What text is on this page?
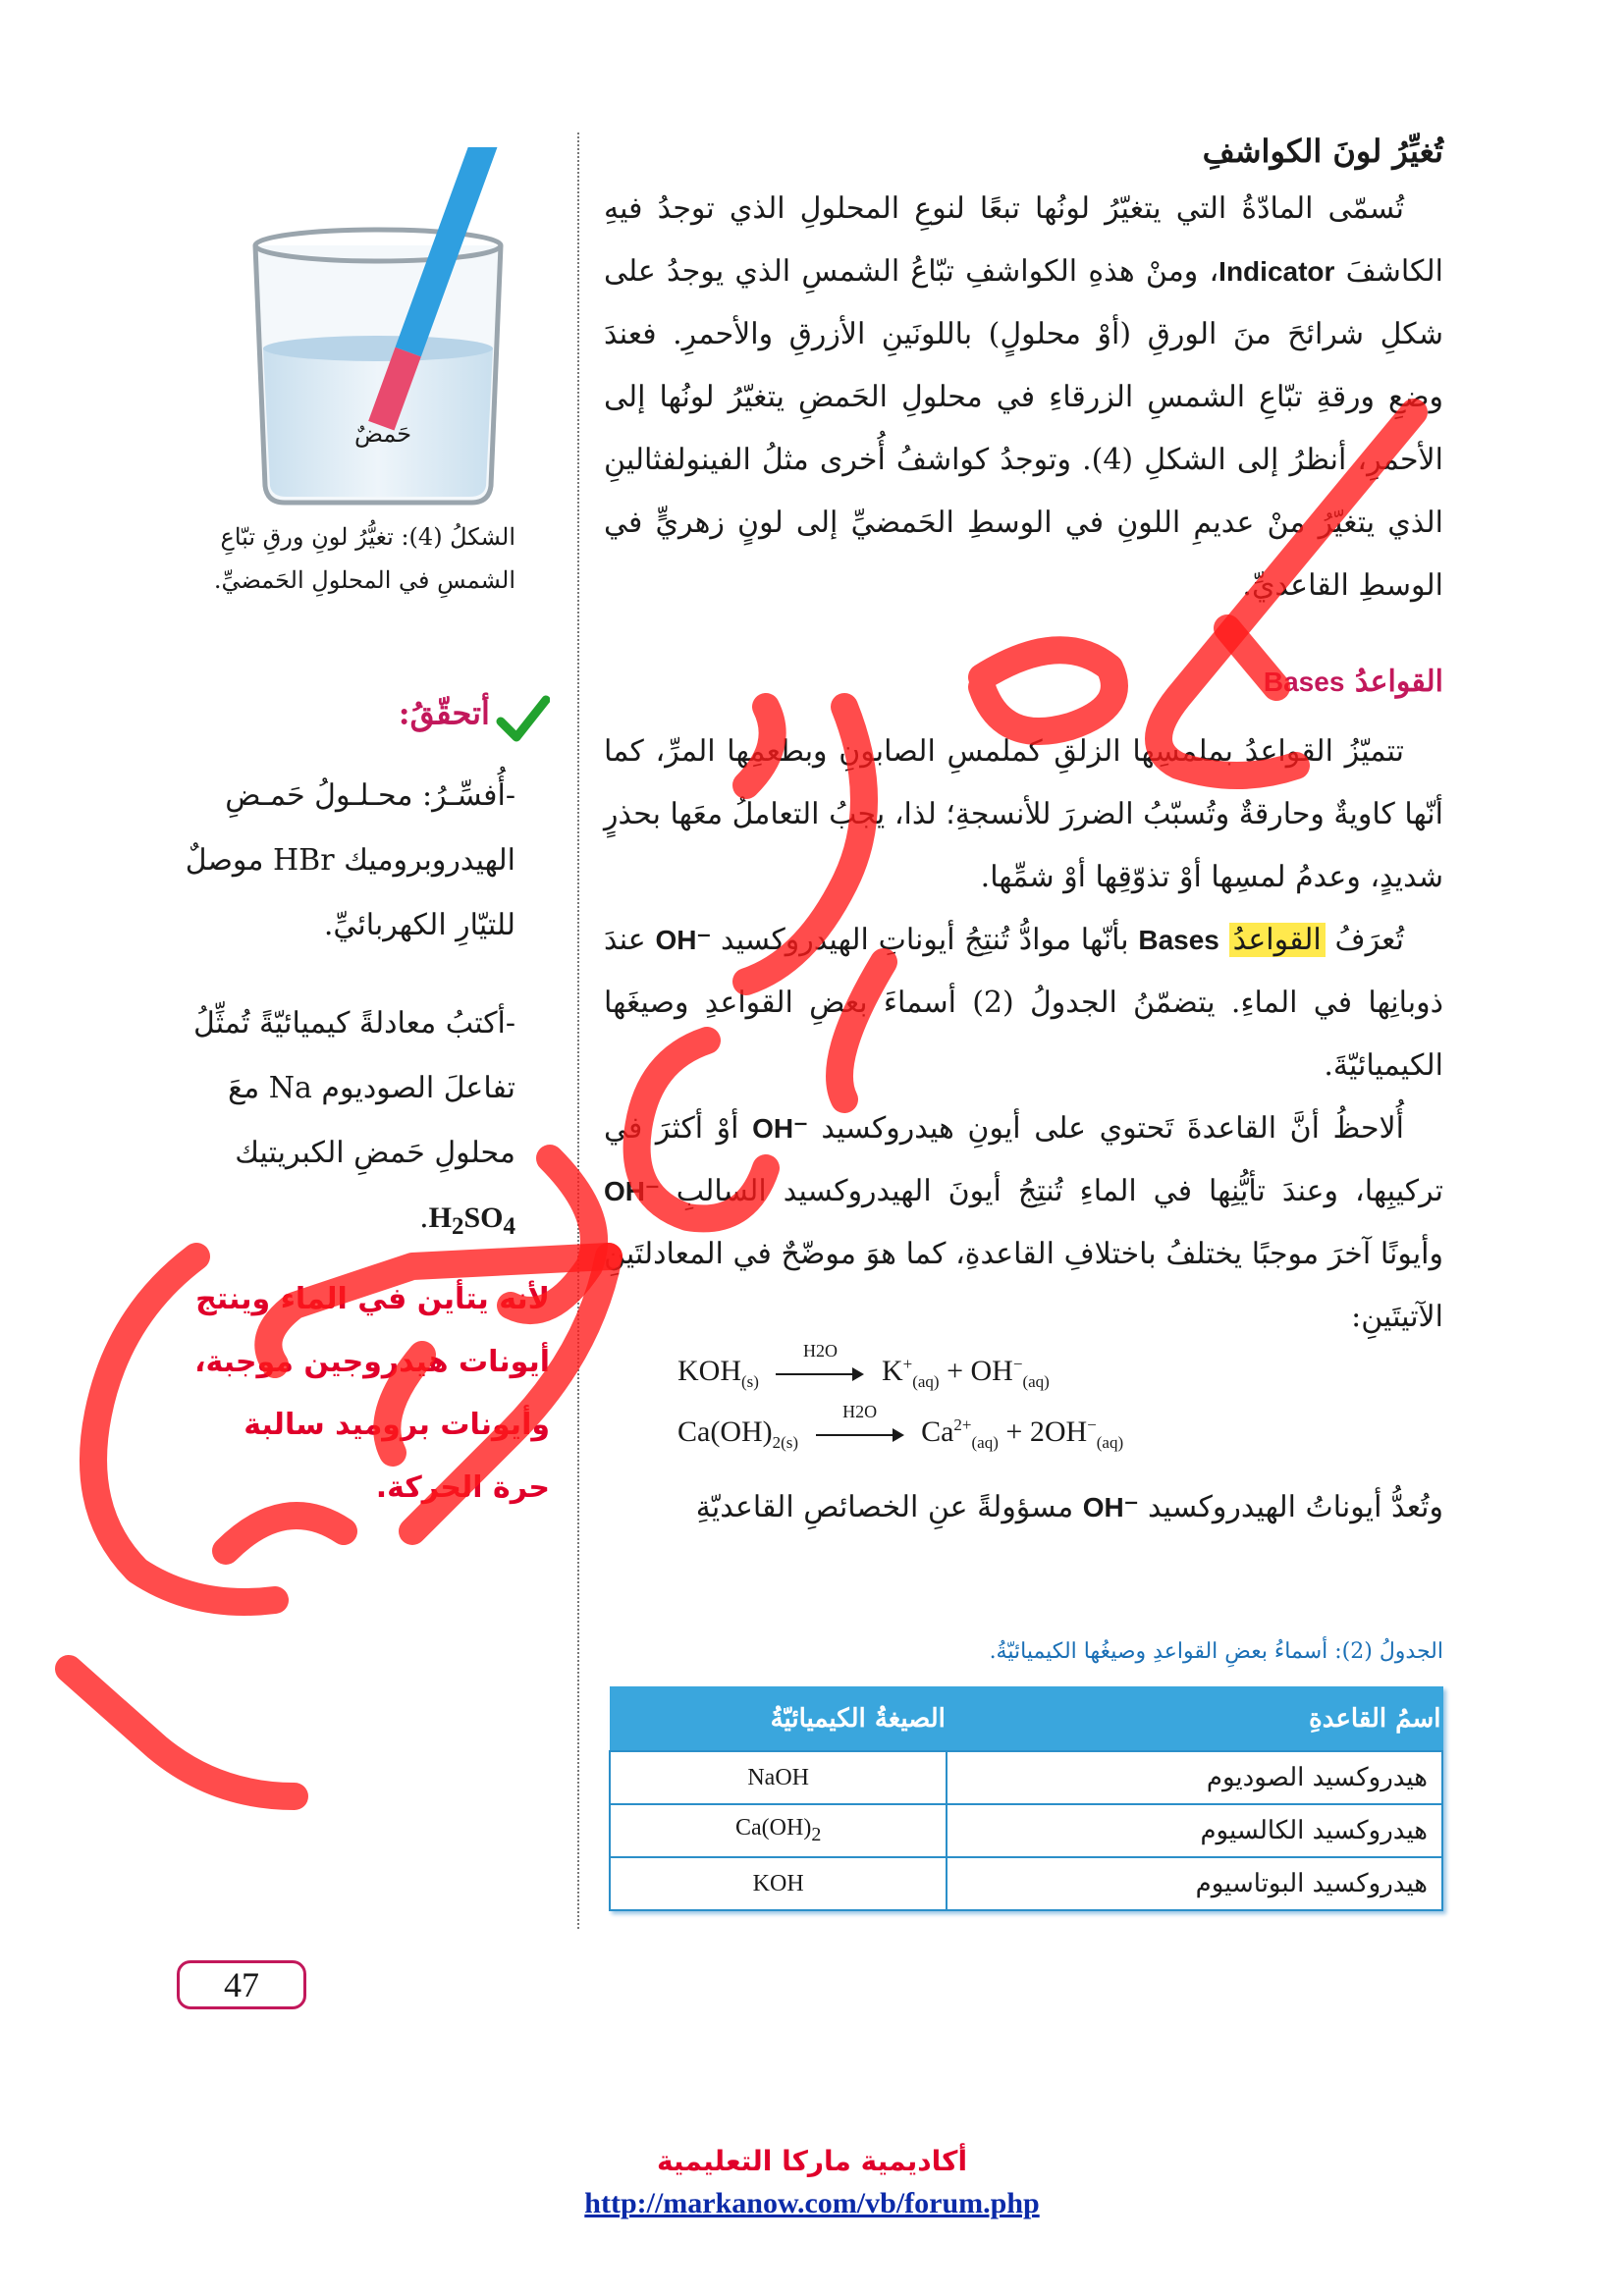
تُغيِّرُ لونَ الكواشفِ

تُسمّى المادّةُ التي يتغيّرُ لونُها تبعًا لنوعِ المحلولِ الذي توجدُ فيهِ الكاشفَ Indicator، ومنْ هذهِ الكواشفِ تبّاعُ الشمسِ الذي يوجدُ على شكلِ شرائحَ منَ الورقِ (أوْ محلولٍ) باللونَينِ الأزرقِ والأحمرِ. فعندَ وضعِ ورقةِ تبّاعِ الشمسِ الزرقاءِ في محلولِ الحَمضِ يتغيّرُ لونُها إلى الأحمرِ، أنظرُ إلى الشكلِ (4). وتوجدُ كواشفُ أُخرى مثلُ الفينولفثالينِ الذي يتغيّرُ منْ عديمِ اللونِ في الوسطِ الحَمضيِّ إلى لونٍ زهريٍّ في الوسطِ القاعديِّ.

القواعدُ Bases

تتميّزُ القواعدُ بملمسِها الزلقِ كملمسِ الصابونِ وبطعمِها المرِّ، كما أنّها كاويةٌ وحارقةٌ وتُسبّبُ الضررَ للأنسجةِ؛ لذا، يجبُ التعاملُ معَها بحذرٍ شديدٍ، وعدمُ لمسِها أوْ تذوّقِها أوْ شمِّها.

تُعرَفُ القواعدُ Bases بأنّها موادُّ تُنتِجُ أيوناتِ الهيدروكسيد OH⁻ عندَ ذوبانِها في الماءِ. يتضمّنُ الجدولُ (2) أسماءَ بعضِ القواعدِ وصيغَها الكيميائيّةَ.

أُلاحظُ أنَّ القاعدةَ تَحتوي على أيونِ هيدروكسيد OH⁻ أوْ أكثرَ في تركيبِها، وعندَ تأيُّنِها في الماءِ تُنتِجُ أيونَ الهيدروكسيد السالبِ OH⁻ وأيونًا آخرَ موجبًا يختلفُ باختلافِ القاعدةِ، كما هوَ موضّحٌ في المعادلتَينِ الآتيتَينِ:

$KOH_{(s)}$
H2O
$K^+_{(aq)} + OH^-_{(aq)}$
$Ca(OH)_{2(s)}$
H2O
$Ca^{2+}_{(aq)} + 2OH^-_{(aq)}$

وتُعدُّ أيوناتُ الهيدروكسيد OH⁻ مسؤولةً عنِ الخصائصِ القاعديّةِ

الجدولُ (2): أسماءُ بعضِ القواعدِ وصيغُها الكيميائيّةُ.
اسمُ القاعدةِ	الصيغةُ الكيميائيّةُ
هيدروكسيد الصوديوم	NaOH
هيدروكسيد الكالسيوم	$Ca(OH)_2$
هيدروكسيد البوتاسيوم	KOH
حَمضٌ
الشكلُ (4): تغيُّرُ لونِ ورقِ تبّاعِ الشمسِ في المحلولِ الحَمضيِّ.
أتحقّقُ:

-أُفسِّـرُ: محـلـولُ حَمـضِ الهيدروبروميك HBr موصلٌ للتيّارِ الكهربائيِّ.

-أكتبُ معادلةً كيميائيّةً تُمثِّلُ تفاعلَ الصوديوم Na معَ محلولِ حَمضِ الكبريتيك $H_2SO_4$.

لأنه يتأين في الماء وينتج أيونات هيدروجين موجبة، وأيونات بروميد سالبة حرة الحركة.
47
أكاديمية ماركا التعليمية
http://markanow.com/vb/forum.php
